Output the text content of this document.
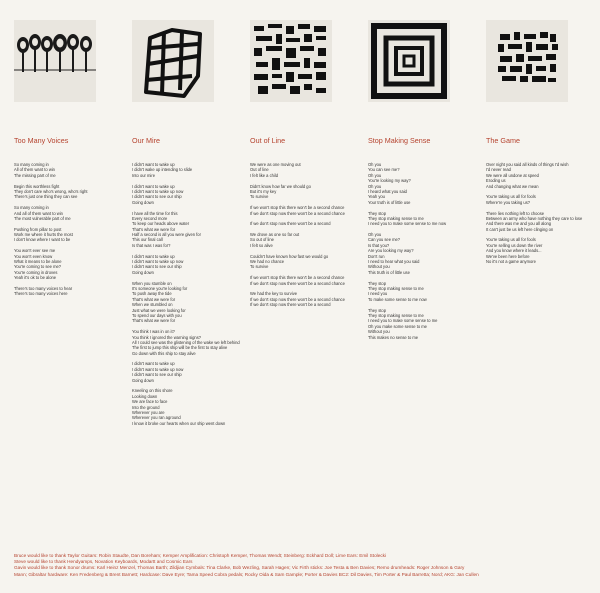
Too Many Voices
So many coming in
All of them want to win
The missing part of me
Begin this worthless fight
They don't care who's wrong, who's right
There's just one thing they can see
So many coming in
And all of them want to win
The most vulnerable part of me
Pushing from pillar to post
Work me where it hurts the most
I don't know where I want to be
You won't ever see me
You won't even know
What it means to be alone
You're coming to see me?
You're coming in droves
Yeah it's ok to be alone
There's too many voices to hear
There's too many voices here
Our Mire
I didn't want to wake up
I didn't wake up intending to slide
Into our mire
I didn't want to wake up
I didn't want to wake up now
I didn't want to see our ship
Going down
I have all the time for this
Every second more
To keep our heads above water
That's what we were for
Half a second is all you were given for
This our final call
Is that was I was for?
I didn't want to wake up
I didn't want to wake up now
I didn't want to see our ship
Going down
When you stumble on
It's someone you're looking for
To push away the tide
That's what we were for
When we stumbled on
Just what we were looking for
To spend our days with you
That's what we were for
You think I was in on it?
You think I ignored the warning signs?
All I could see was the glistening of the wake we left behind
The first to jump this ship will be the first to stay alive
Go down with this ship to stay alive
I didn't want to wake up
I didn't want to wake up now
I didn't want to see our ship
Going down
Kneeling on this shore
Looking down
We are face to face
Into the ground
Wherever you are
Wherever you ran aground
I know it broke our hearts when our ship went down
Out of Line
We were as one moving out
Out of line
I felt like a child
Didn't know how far we should go
But it's my key
To survive
If we won't stop this there won't be a second chance
If we don't stop now there won't be a second chance
If we don't stop now there won't be a second
We drove as one so far out
So out of line
I felt so alive
Couldn't have known how fast we would go
We had no chance
To survive
If we won't stop this there won't be a second chance
If we don't stop now there won't be a second chance
We had the key to survive
If we don't stop now there won't be a second chance
If we don't stop now there won't be a second
Stop Making Sense
Oh you
You can see me?
Oh you
You're looking my way?
Oh you
I heard what you said
Yeah you
Your truth is of little use
They stop
They stop making sense to me
I need you to make some sense to me now
Oh you
Can you see me?
Is that you?
Are you looking my way?
Don't run
I need to hear what you said
Without you
This truth is of little use
They stop
They stop making sense to me
I need you
To make some sense to me now
They stop
They stop making sense to me
I need you to make some sense to me
Oh you make some sense to me
Without you
This makes no sense to me
The Game
Over night you said all kinds of things I'd wish
I'd never read
We were all undone at speed
Eroding us
And changing what we mean
You're taking us all for fools
Where're you taking us?
There lies nothing left to choose
Between an army who have nothing they care to lose
And there was me and you all along
It can't just be us left here clinging on
You're taking us all for fools
You're selling us down the river
And you know where it leads...
We've been here before
No it's not a game anymore
Bruce would like to thank Taylor Guitars: Robin Staudte, Dan Boreham; Kemper Amplification: Christoph Kemper, Thomas Wendt; Steinberg: Eckhard Doll; Lime Ears: Emil Stolecki
Steve would like to thank Hendyamps, Novation Keyboards, Modartt and Cosmic Ears
Gavin would like to thank Sonor drums: Karl Heinz Menzel, Thomas Barth; Zildjian Cymbals: Tina Clarke, Bob Wezling, Sarah Hagen; Vic Firth sticks: Joe Testa & Ben Davies; Remo drumheads: Roger Johnson & Gary
Mann; Gibraltar hardware: Ken Fredenberg & Brent Barnett; Hardcase: Dave Eyre; Tama Speed Cobra pedals; Rocky Oida & Sam Gample; Porter & Davies BC2: Dil Davies, Tim Porter & Paul Barretta; Nord; AKG: Jan Cullen
